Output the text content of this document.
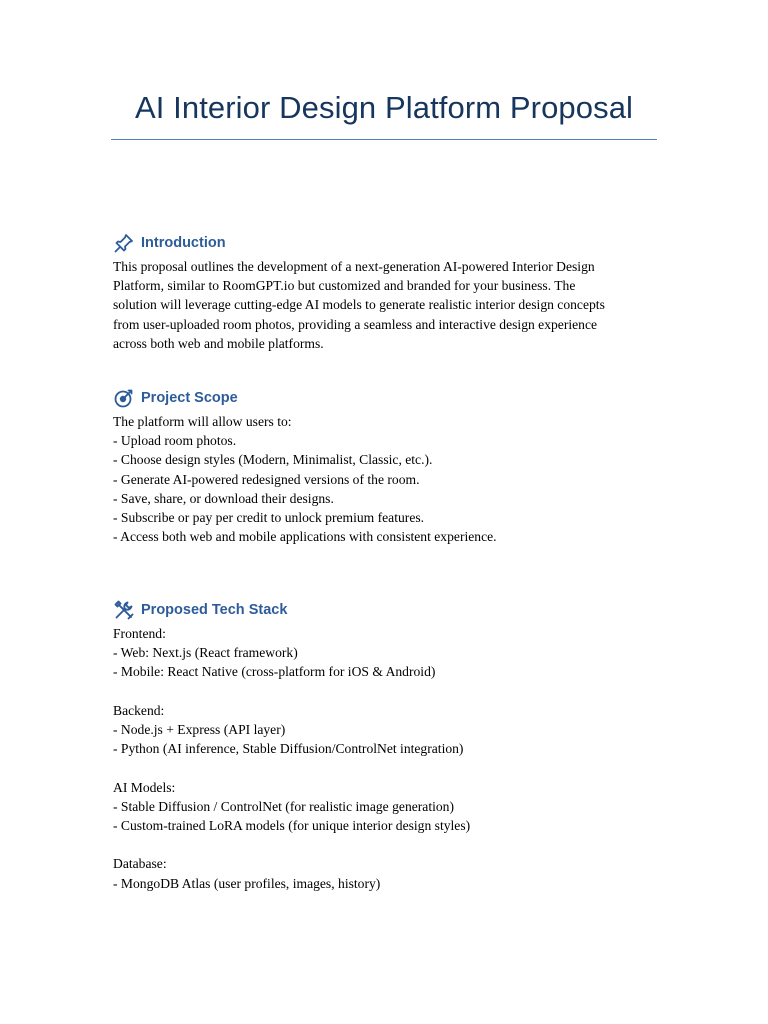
AI Interior Design Platform Proposal
Introduction
This proposal outlines the development of a next-generation AI-powered Interior Design
Platform, similar to RoomGPT.io but customized and branded for your business. The
solution will leverage cutting-edge AI models to generate realistic interior design concepts
from user-uploaded room photos, providing a seamless and interactive design experience
across both web and mobile platforms.
Project Scope
The platform will allow users to:
- Upload room photos.
- Choose design styles (Modern, Minimalist, Classic, etc.).
- Generate AI-powered redesigned versions of the room.
- Save, share, or download their designs.
- Subscribe or pay per credit to unlock premium features.
- Access both web and mobile applications with consistent experience.
Proposed Tech Stack
Frontend:
- Web: Next.js (React framework)
- Mobile: React Native (cross-platform for iOS & Android)
Backend:
- Node.js + Express (API layer)
- Python (AI inference, Stable Diffusion/ControlNet integration)
AI Models:
- Stable Diffusion / ControlNet (for realistic image generation)
- Custom-trained LoRA models (for unique interior design styles)
Database:
- MongoDB Atlas (user profiles, images, history)
